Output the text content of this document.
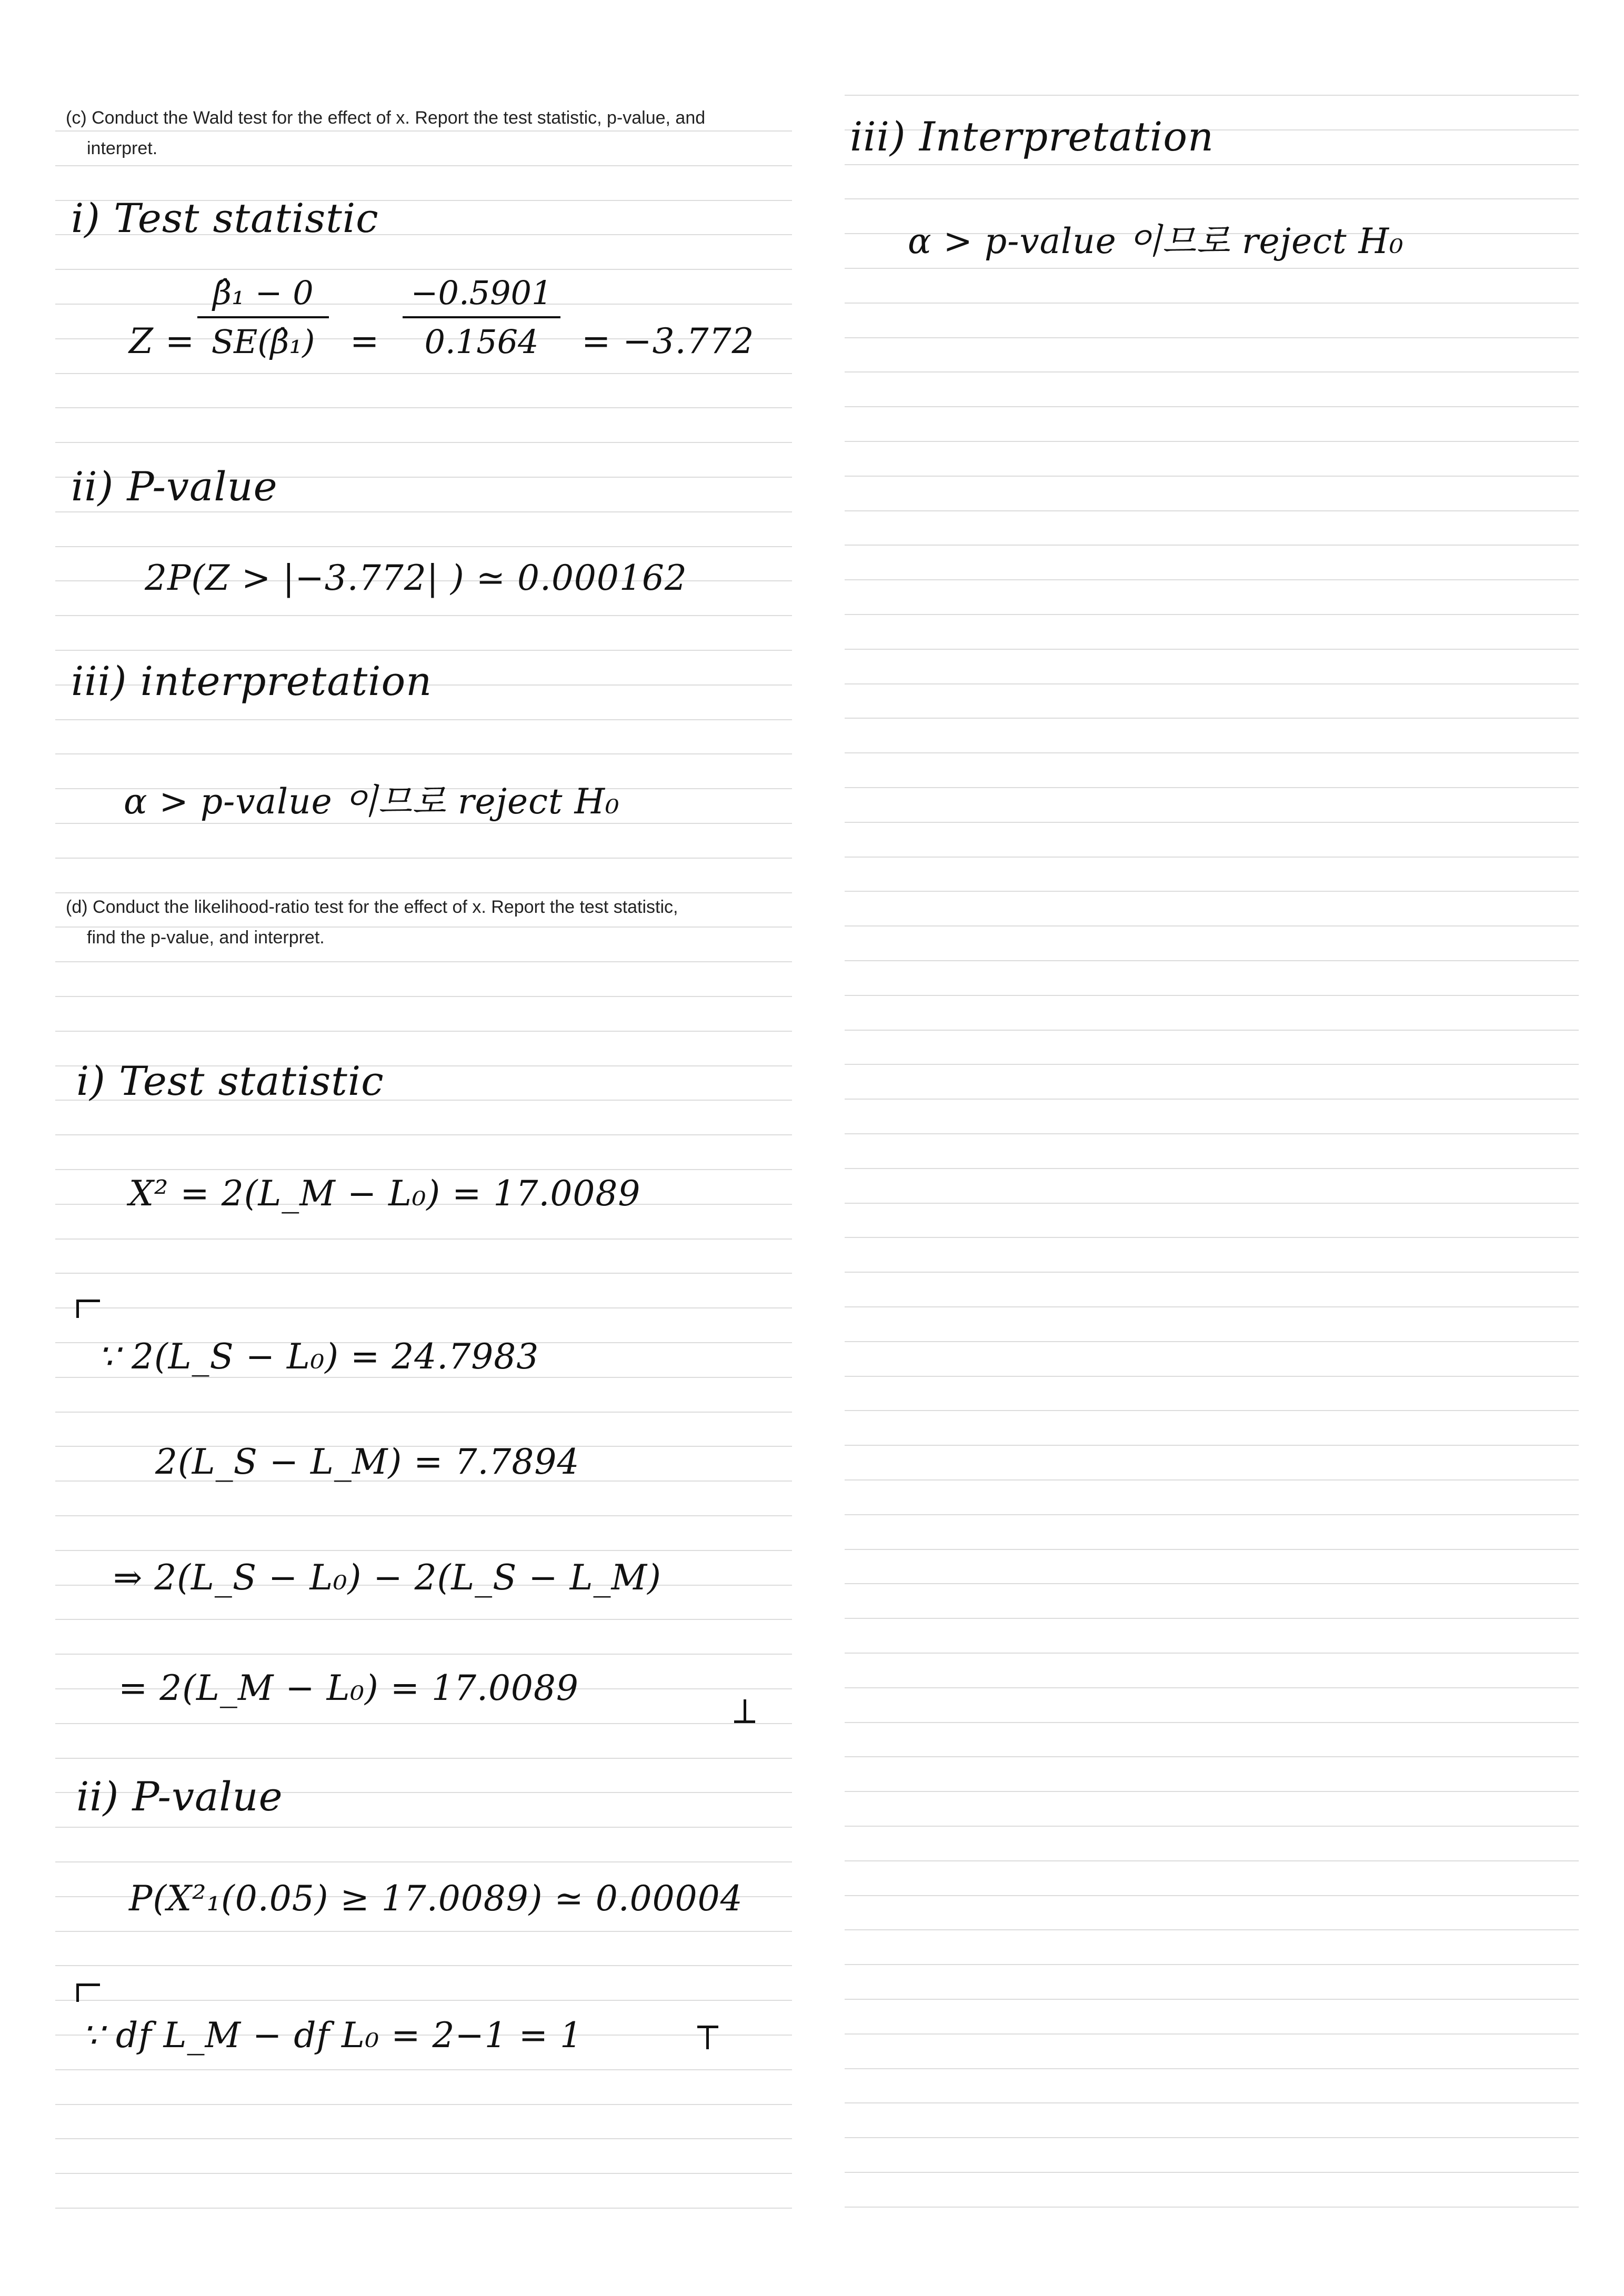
(c) Conduct the Wald test for the effect of x. Report the test statistic, p-value, and
interpret.
i) Test statistic
Z =
β̂₁ − 0
SE(β̂₁)	=
−0.5901
0.1564	= −3.772
ii) P-value
2P(Z > |−3.772| ) ≃ 0.000162
iii) interpretation
α > p-value 이므로 reject H₀
(d) Conduct the likelihood-ratio test for the effect of x. Report the test statistic,
find the p-value, and interpret.
i) Test statistic
X² = 2(L_M − L₀) = 17.0089
∵ 2(L_S − L₀) = 24.7983
2(L_S − L_M) = 7.7894
⇒ 2(L_S − L₀) − 2(L_S − L_M)
= 2(L_M − L₀) = 17.0089
ii) P-value
P(X²₁(0.05) ≥ 17.0089) ≃ 0.00004
∵ df L_M − df L₀ = 2−1 = 1
iii) Interpretation
α > p-value 이므로 reject H₀
